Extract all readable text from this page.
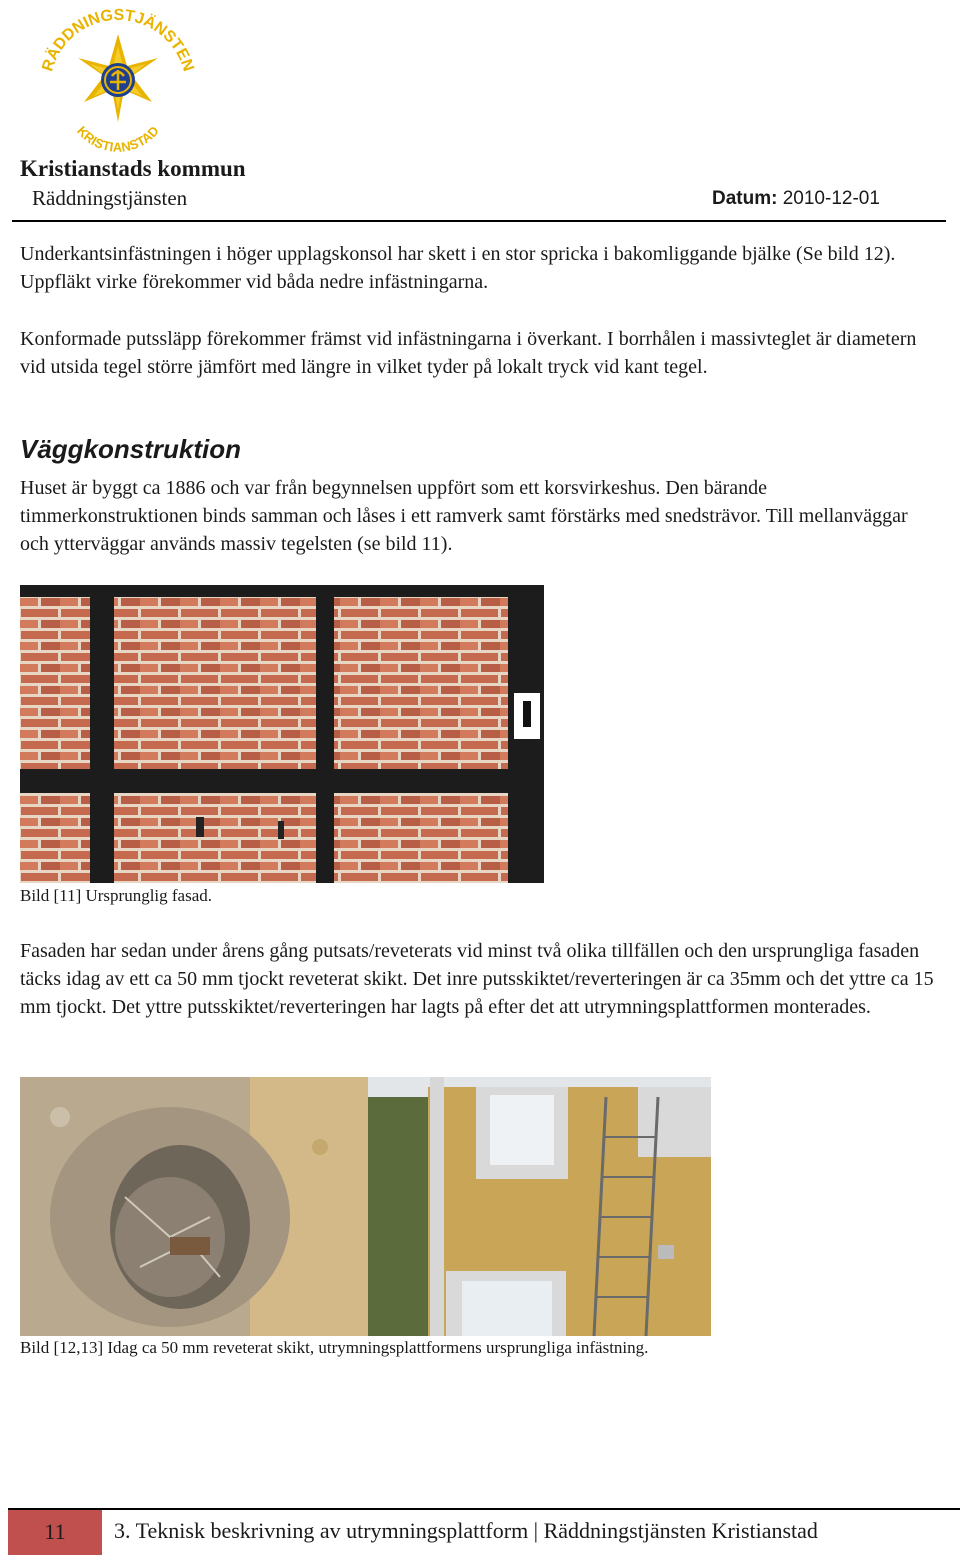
RÄDDNINGSTJÄNSTEN
KRISTIANSTAD
Kristianstads kommun
Räddningstjänsten	Datum: 2010-12-01
Underkantsinfästningen i höger upplagskonsol har skett i en stor spricka i bakomliggande bjälke (Se bild 12). Uppfläkt virke förekommer vid båda nedre infästningarna.
Konformade putssläpp förekommer främst vid infästningarna i överkant. I borrhålen i massivteglet är diametern vid utsida tegel större jämfört med längre in vilket tyder på lokalt tryck vid kant tegel.
Väggkonstruktion
Huset är byggt ca 1886 och var från begynnelsen uppfört som ett korsvirkeshus. Den bärande timmerkonstruktionen binds samman och låses i ett ramverk samt förstärks med snedsträvor. Till mellanväggar och ytterväggar används massiv tegelsten (se bild 11).
Bild [11] Ursprunglig fasad.
Fasaden har sedan under årens gång putsats/reveterats vid minst två olika tillfällen och den ursprungliga fasaden täcks idag av ett ca 50 mm tjockt reveterat skikt. Det inre putsskiktet/reverteringen är ca 35mm och det yttre ca 15 mm tjockt. Det yttre putsskiktet/reverteringen har lagts på efter det att utrymningsplattformen monterades.
Bild [12,13] Idag ca 50 mm reveterat skikt, utrymningsplattformens ursprungliga infästning.
11	3. Teknisk beskrivning av utrymningsplattform | Räddningstjänsten Kristianstad
